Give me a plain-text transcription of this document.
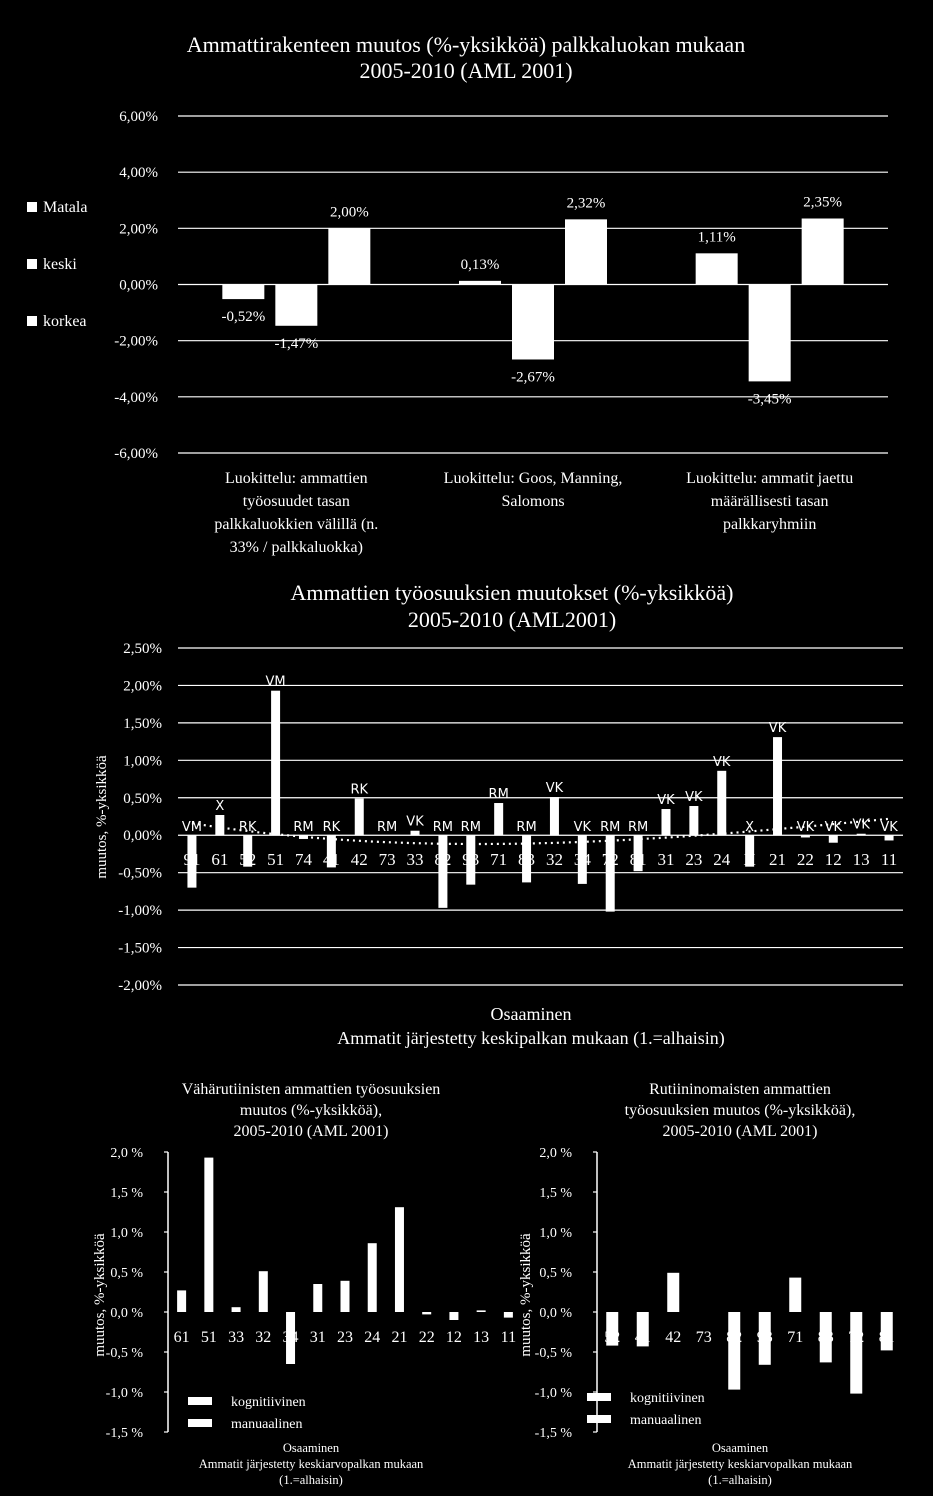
Ammattirakenteen muutos (%-yksikköä) palkkaluokan mukaan
2005-2010 (AML 2001)
6,00%
4,00%
2,00%
0,00%
-2,00%
-4,00%
-6,00%
-0,52%
-1,47%
2,00%
Luokittelu: ammattien
työosuudet tasan
palkkaluokkien välillä (n.
33% / palkkaluokka)
0,13%
-2,67%
2,32%
Luokittelu: Goos, Manning,
Salomons
1,11%
-3,45%
2,35%
Luokittelu: ammatit jaettu
määrällisesti tasan
palkkaryhmiin
Matala
keski
korkea
Ammattien työosuuksien muutokset (%-yksikköä)
2005-2010 (AML2001)
2,50%
2,00%
1,50%
1,00%
0,50%
0,00%
-0,50%
-1,00%
-1,50%
-2,00%
VM
91
X
61
RK
52
VM
51
RM
74
RK
41
RK
42
RM
73
VK
33
RM
82
RM
93
RM
71
RM
83
VK
32
VK
34
RM
72
RM
81
VK
31
VK
23
VK
24
X
X
VK
21
VK
22
VK
12
VK
13
VK
11
muutos, %-yksikköä
Osaaminen
Ammatit järjestetty keskipalkan mukaan (1.=alhaisin)
Vähärutiinisten ammattien työosuuksien
muutos (%-yksikköä),
2005-2010 (AML 2001)
2,0 %
1,5 %
1,0 %
0,5 %
0,0 %
-0,5 %
-1,0 %
-1,5 %
61 51 33 32 34 31 23 24 21 22 12 13 11
muutos, %-yksikköä
kognitiivinen
manuaalinen
Osaaminen
Ammatit järjestetty keskiarvopalkan mukaan
(1.=alhaisin)
Rutiininomaisten ammattien
työosuuksien muutos (%-yksikköä),
2005-2010 (AML 2001)
2,0 %
1,5 %
1,0 %
0,5 %
0,0 %
-0,5 %
-1,0 %
-1,5 %
52 41 42 73 82 93 71 83 72 81
muutos, %-yksikköä
kognitiivinen
manuaalinen
Osaaminen
Ammatit järjestetty keskiarvopalkan mukaan
(1.=alhaisin)
